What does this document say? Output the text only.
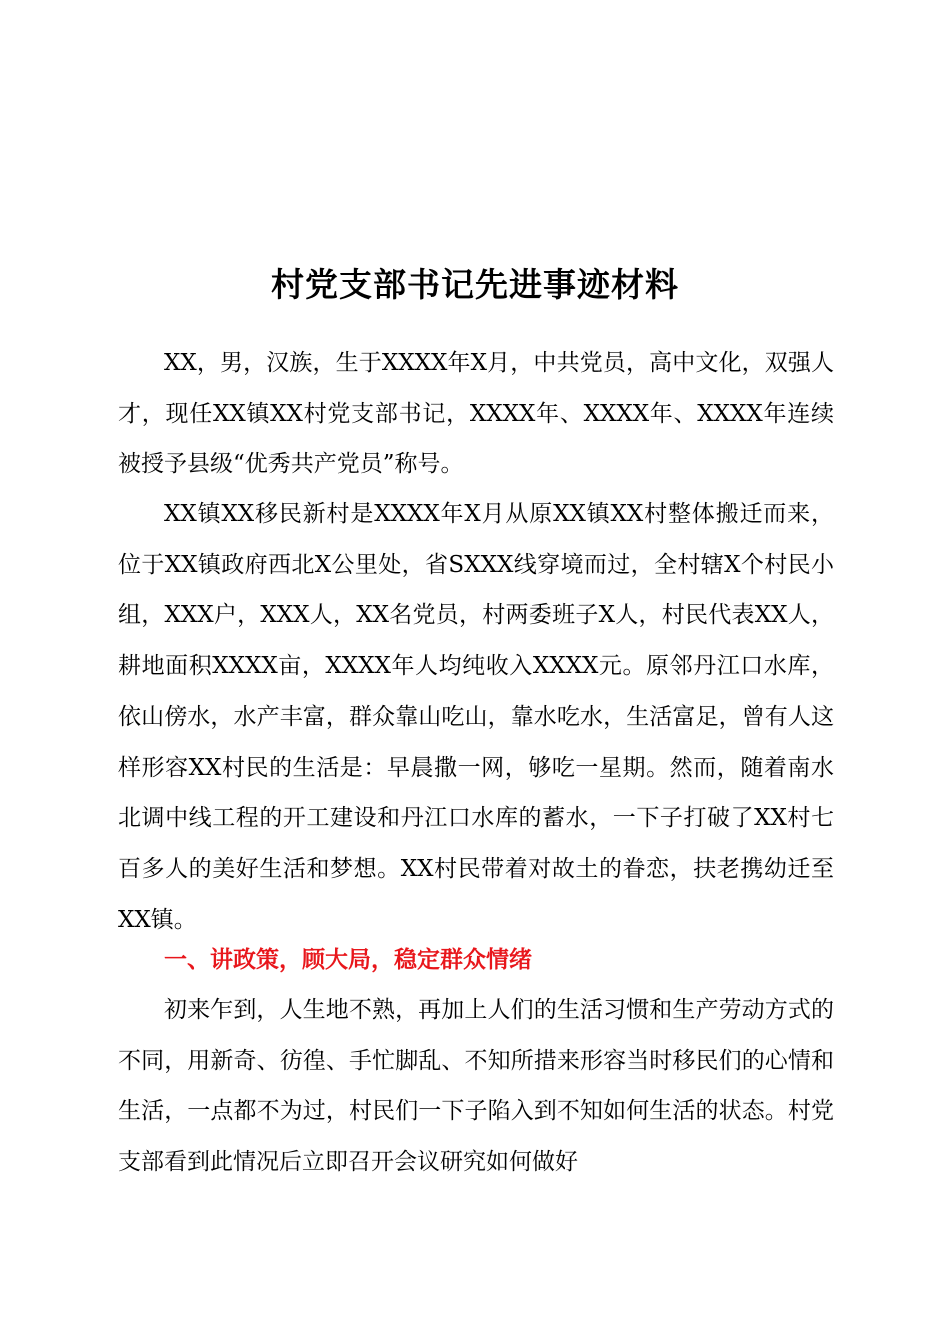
村党支部书记先进事迹材料

XX，男，汉族，生于XXXX年X月，中共党员，高中文化，双强人才，现任XX镇XX村党支部书记，XXXX年、XXXX年、XXXX年连续被授予县级“优秀共产党员”称号。

XX镇XX移民新村是XXXX年X月从原XX镇XX村整体搬迁而来，位于XX镇政府西北X公里处，省SXXX线穿境而过，全村辖X个村民小组，XXX户，XXX人，XX名党员，村两委班子X人，村民代表XX人，耕地面积XXXX亩，XXXX年人均纯收入XXXX元。原邻丹江口水库，依山傍水，水产丰富，群众靠山吃山，靠水吃水，生活富足，曾有人这样形容XX村民的生活是：早晨撒一网，够吃一星期。然而，随着南水北调中线工程的开工建设和丹江口水库的蓄水，一下子打破了XX村七百多人的美好生活和梦想。XX村民带着对故土的眷恋，扶老携幼迁至XX镇。

一、讲政策，顾大局，稳定群众情绪

初来乍到，人生地不熟，再加上人们的生活习惯和生产劳动方式的不同，用新奇、彷徨、手忙脚乱、不知所措来形容当时移民们的心情和生活，一点都不为过，村民们一下子陷入到不知如何生活的状态。村党支部看到此情况后立即召开会议研究如何做好
